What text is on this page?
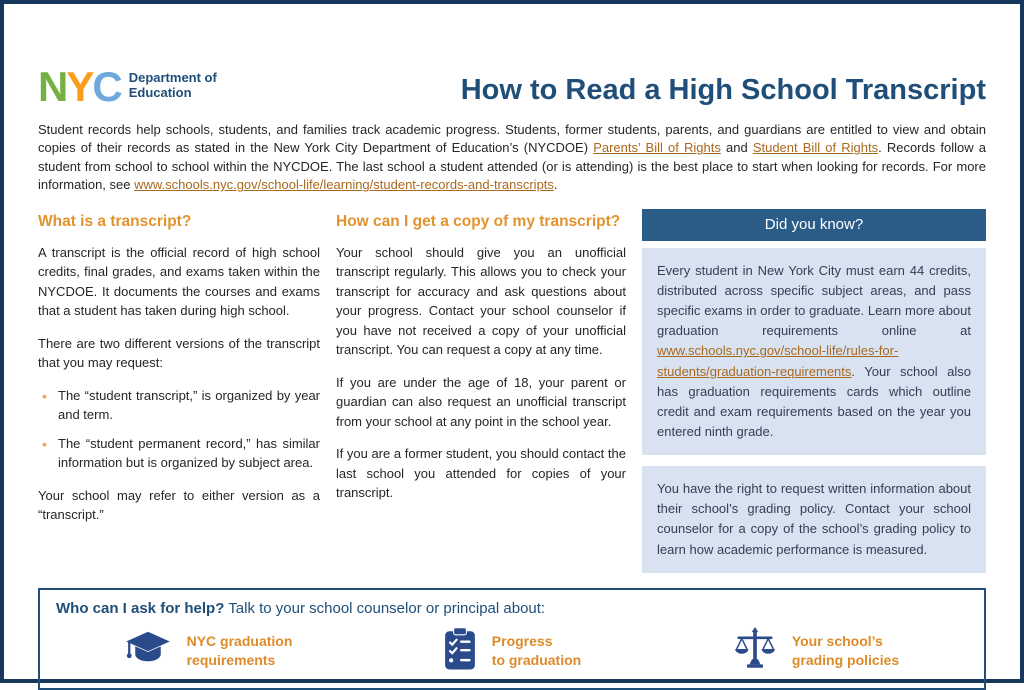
NYC Department of
Education	How to Read a High School Transcript

Student records help schools, students, and families track academic progress. Students, former students, parents, and guardians are entitled to view and obtain copies of their records as stated in the New York City Department of Education’s (NYCDOE) Parents’ Bill of Rights and Student Bill of Rights. Records follow a student from school to school within the NYCDOE. The last school a student attended (or is attending) is the best place to start when looking for records. For more information, see www.schools.nyc.gov/school-life/learning/student-records-and-transcripts.

What is a transcript?

A transcript is the official record of high school credits, final grades, and exams taken within the NYCDOE. It documents the courses and exams that a student has taken during high school.

There are two different versions of the transcript that you may request:

• The “student transcript,” is organized by year and term.
• The “student permanent record,” has similar information but is organized by subject area.

Your school may refer to either version as a “transcript.”

How can I get a copy of my transcript?

Your school should give you an unofficial transcript regularly. This allows you to check your transcript for accuracy and ask questions about your progress. Contact your school counselor if you have not received a copy of your unofficial transcript. You can request a copy at any time.

If you are under the age of 18, your parent or guardian can also request an unofficial transcript from your school at any point in the school year.

If you are a former student, you should contact the last school you attended for copies of your transcript.

Did you know?
Every student in New York City must earn 44 credits, distributed across specific subject areas, and pass specific exams in order to graduate. Learn more about graduation requirements online at www.schools.nyc.gov/school-life/rules-for-students/graduation-requirements. Your school also has graduation requirements cards which outline credit and exam requirements based on the year you entered ninth grade.
You have the right to request written information about their school’s grading policy. Contact your school counselor for a copy of the school’s grading policy to learn how academic performance is measured.
Who can I ask for help? Talk to your school counselor or principal about:
NYC graduation
requirements
Progress
to graduation
Your school’s
grading policies
